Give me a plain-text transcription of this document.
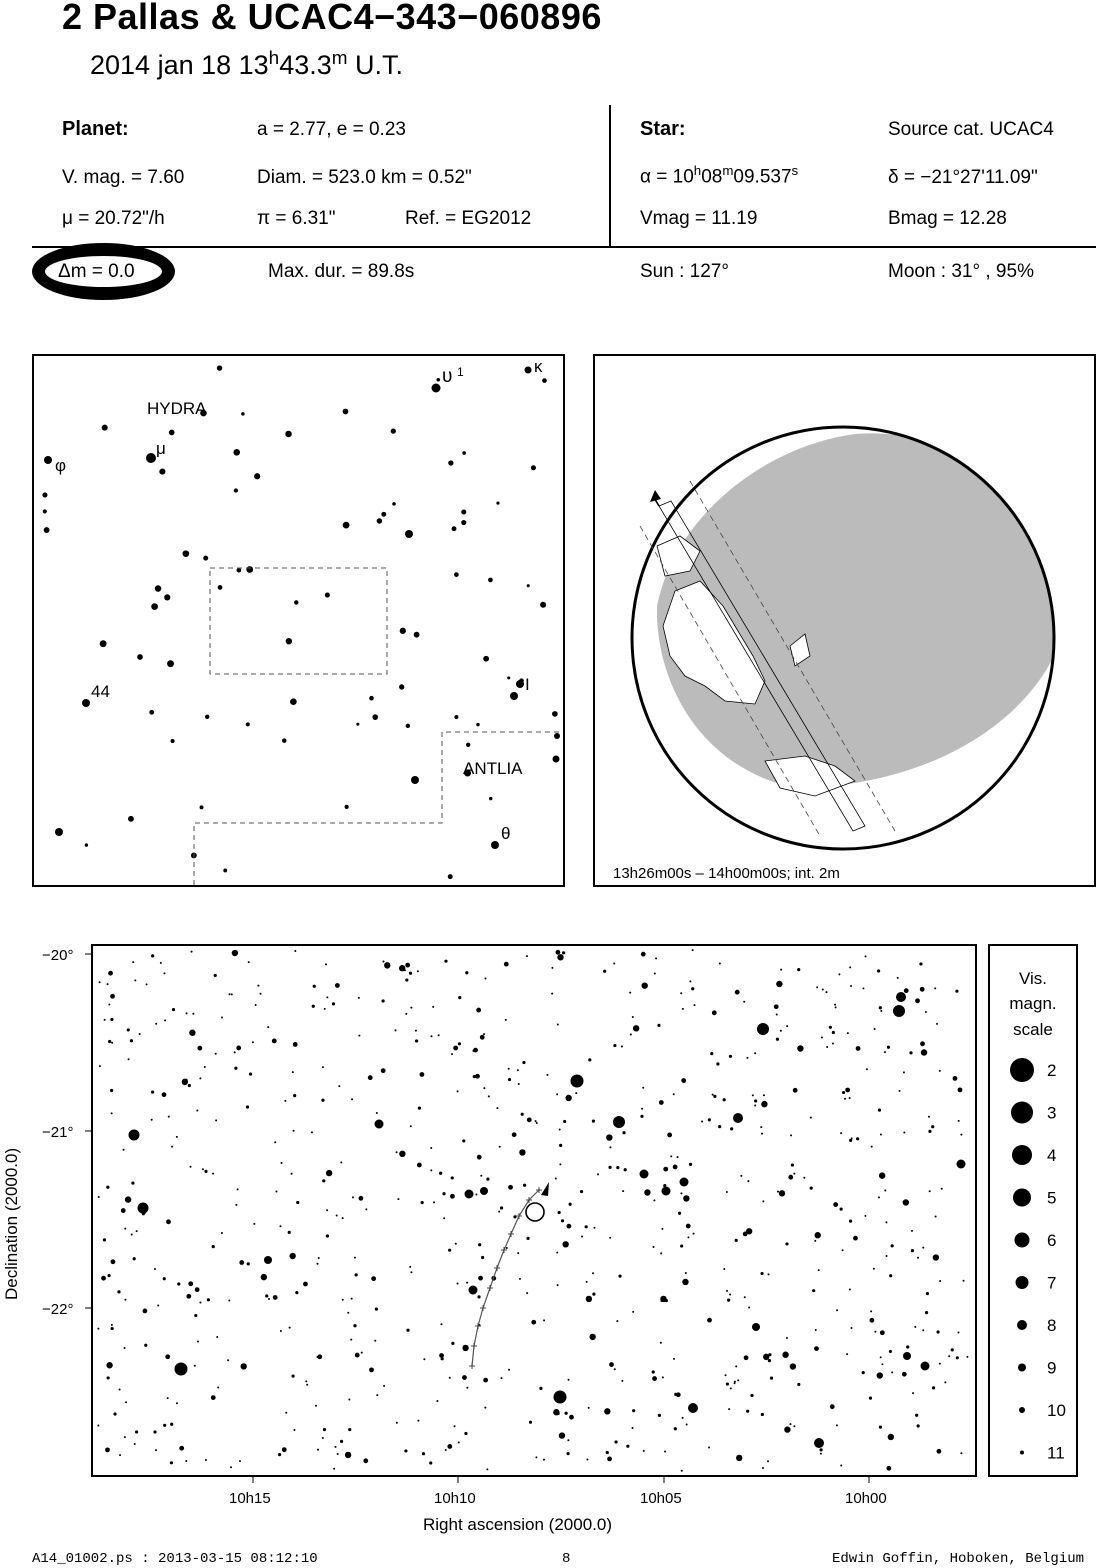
2 Pallas & UCAC4−343−060896
2014 jan 18 13$^h$43.3$^m$ U.T.
Planet:	a = 2.77, e = 0.23
V. mag. = 7.60	Diam. = 523.0 km = 0.52"
μ = 20.72"/h	π = 6.31"	Ref. = EG2012
Star:	Source cat. UCAC4
$\alpha = 10^h08^m09.537^s$	δ = −21°27'11.09"
Vmag = 11.19	Bmag = 12.28
Δm = 0.0	Max. dur. = 89.8s	Sun : 127°	Moon : 31° , 95%
HYDRA
ANTLIA
υ 1	κ
φ
μ
44	I
θ
13h26m00s – 14h00m00s; int. 2m
−20°
−21°
−22°
10h15	10h10	10h05	10h00
Right ascension (2000.0)
Declination (2000.0)
Vis.
magn.
scale
2
3
4
5
6
7
8
9
10
11
A14_01002.ps : 2013-03-15 08:12:10	8	Edwin Goffin, Hoboken, Belgium
